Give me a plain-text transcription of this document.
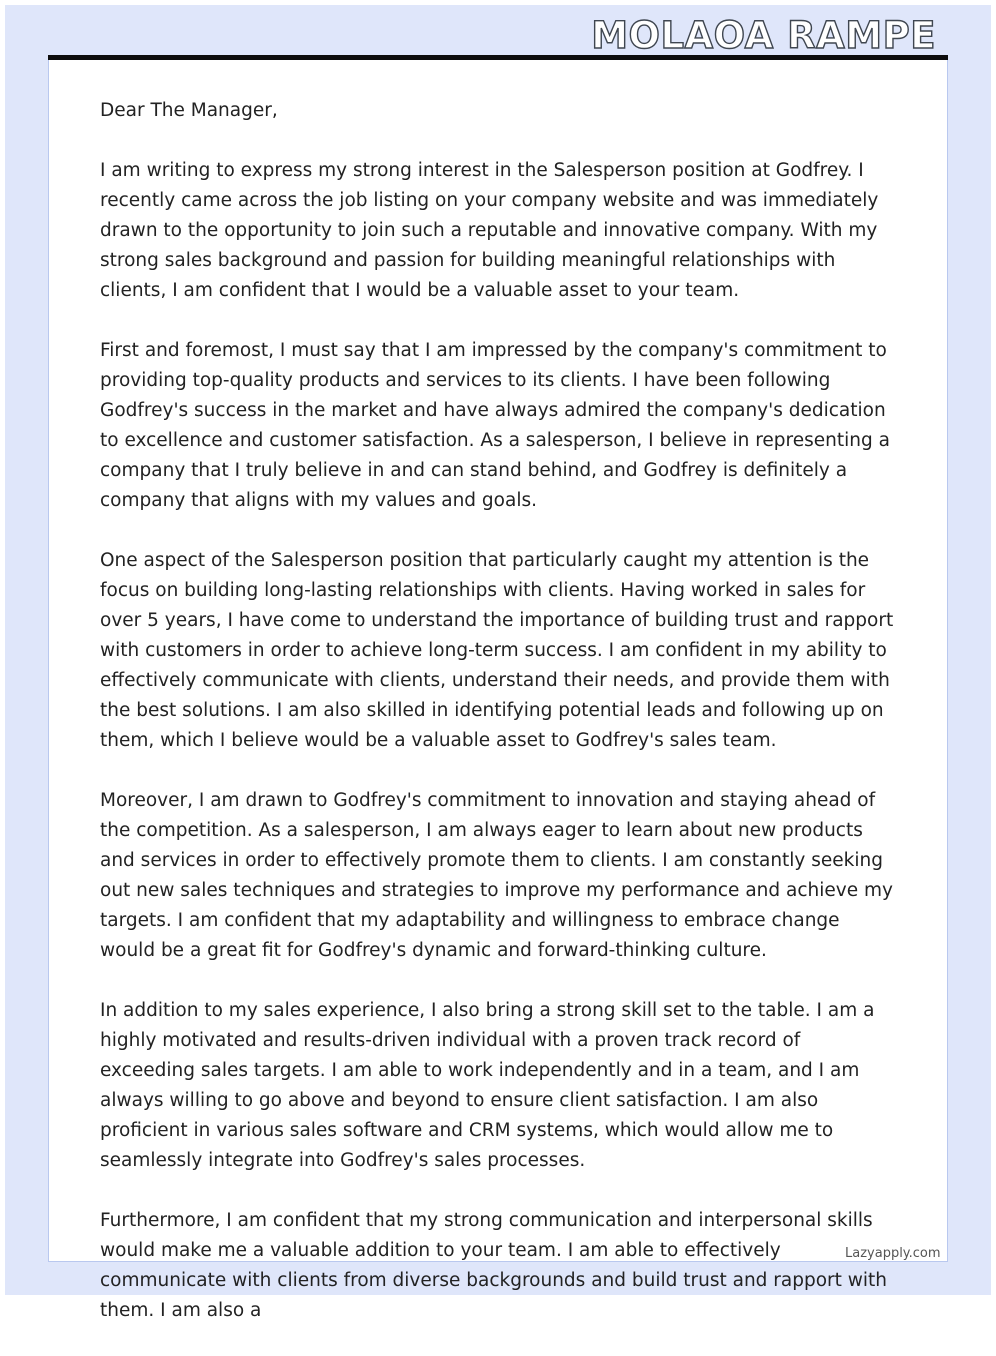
MOLAOA RAMPE

Dear The Manager,

I am writing to express my strong interest in the Salesperson position at Godfrey. I recently came across the job listing on your company website and was immediately drawn to the opportunity to join such a reputable and innovative company. With my strong sales background and passion for building meaningful relationships with clients, I am confident that I would be a valuable asset to your team.

First and foremost, I must say that I am impressed by the company's commitment to providing top-quality products and services to its clients. I have been following Godfrey's success in the market and have always admired the company's dedication to excellence and customer satisfaction. As a salesperson, I believe in representing a company that I truly believe in and can stand behind, and Godfrey is definitely a company that aligns with my values and goals.

One aspect of the Salesperson position that particularly caught my attention is the focus on building long-lasting relationships with clients. Having worked in sales for over 5 years, I have come to understand the importance of building trust and rapport with customers in order to achieve long-term success. I am confident in my ability to effectively communicate with clients, understand their needs, and provide them with the best solutions. I am also skilled in identifying potential leads and following up on them, which I believe would be a valuable asset to Godfrey's sales team.

Moreover, I am drawn to Godfrey's commitment to innovation and staying ahead of the competition. As a salesperson, I am always eager to learn about new products and services in order to effectively promote them to clients. I am constantly seeking out new sales techniques and strategies to improve my performance and achieve my targets. I am confident that my adaptability and willingness to embrace change would be a great fit for Godfrey's dynamic and forward-thinking culture.

In addition to my sales experience, I also bring a strong skill set to the table. I am a highly motivated and results-driven individual with a proven track record of exceeding sales targets. I am able to work independently and in a team, and I am always willing to go above and beyond to ensure client satisfaction. I am also proficient in various sales software and CRM systems, which would allow me to seamlessly integrate into Godfrey's sales processes.

Furthermore, I am confident that my strong communication and interpersonal skills would make me a valuable addition to your team. I am able to effectively communicate with clients from diverse backgrounds and build trust and rapport with them. I am also a

Lazyapply.com
